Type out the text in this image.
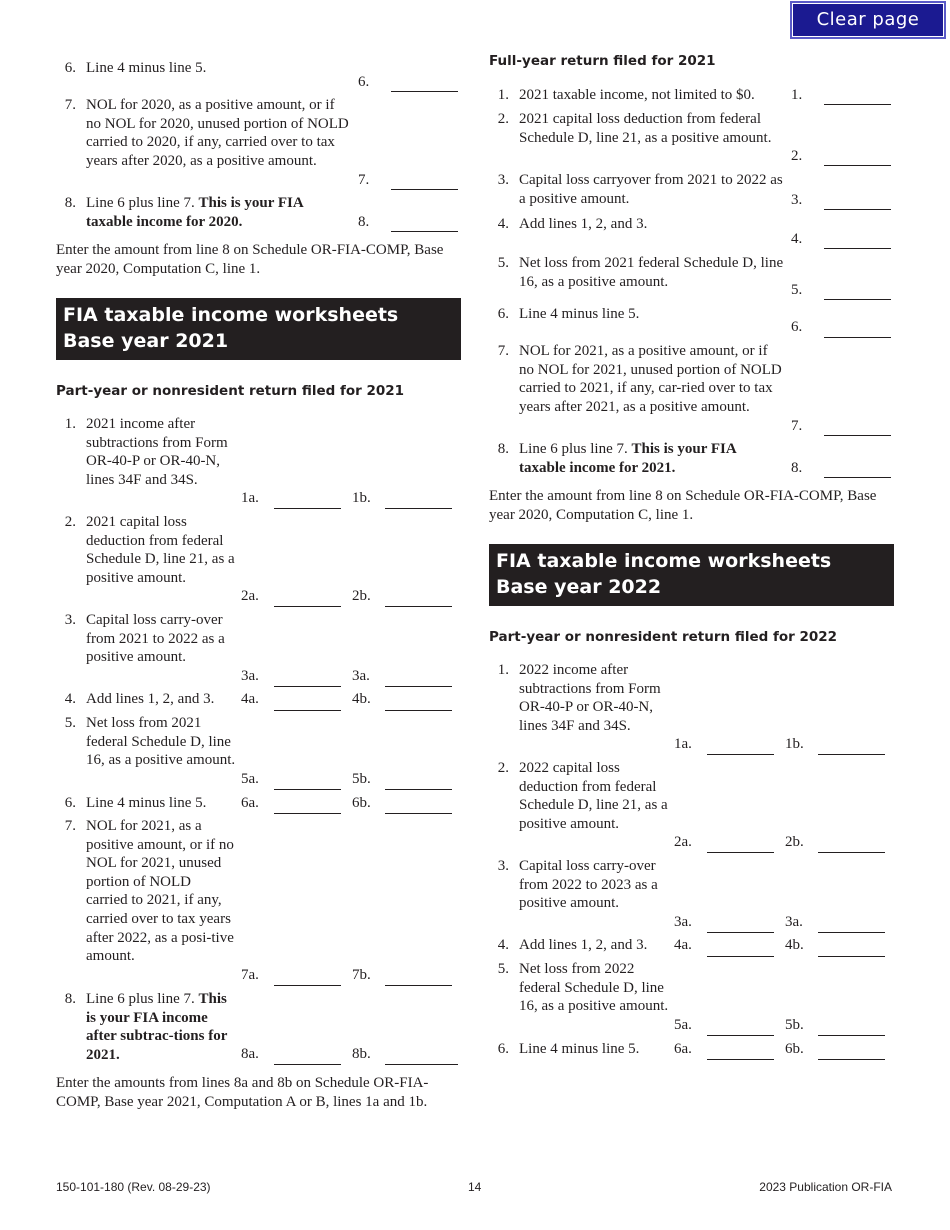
Clear page
6. Line 4 minus line 5.
6.
7. NOL for 2020, as a positive amount, or if no NOL for 2020, unused portion of NOLD carried to 2020, if any, carried over to tax years after 2020, as a positive amount.
7.
8. Line 6 plus line 7. This is your FIA taxable income for 2020.	8.
Enter the amount from line 8 on Schedule OR-FIA-COMP, Base year 2020, Computation C, line 1.
FIA taxable income worksheets
Base year 2021
Part-year or nonresident return filed for 2021
1. 2021 income after subtractions from Form OR-40-P or OR-40-N, lines 34F and 34S.
1a.	1b.
2. 2021 capital loss deduction from federal Schedule D, line 21, as a positive amount.
2a.	2b.
3. Capital loss carry-over from 2021 to 2022 as a positive amount.
3a.	3a.
4. Add lines 1, 2, and 3.	4a.	4b.
5. Net loss from 2021 federal Schedule D, line 16, as a positive amount.
5a.	5b.
6. Line 4 minus line 5.	6a.	6b.
7. NOL for 2021, as a positive amount, or if no NOL for 2021, unused portion of NOLD carried to 2021, if any, carried over to tax years after 2022, as a posi-tive amount.
7a.	7b.
8. Line 6 plus line 7. This is your FIA income after subtrac-tions for 2021.	8a.	8b.
Enter the amounts from lines 8a and 8b on Schedule OR-FIA-COMP, Base year 2021, Computation A or B, lines 1a and 1b.
Full-year return filed for 2021
1. 2021 taxable income, not limited to $0.	1.
2. 2021 capital loss deduction from federal Schedule D, line 21, as a positive amount.
2.
3. Capital loss carryover from 2021 to 2022 as a positive amount.	3.
4. Add lines 1, 2, and 3.
4.
5. Net loss from 2021 federal Schedule D, line 16, as a positive amount.
5.
6. Line 4 minus line 5.
6.
7. NOL for 2021, as a positive amount, or if no NOL for 2021, unused portion of NOLD carried to 2021, if any, car-ried over to tax years after 2021, as a positive amount.
7.
8. Line 6 plus line 7. This is your FIA taxable income for 2021.	8.
Enter the amount from line 8 on Schedule OR-FIA-COMP, Base year 2020, Computation C, line 1.
FIA taxable income worksheets
Base year 2022
Part-year or nonresident return filed for 2022
1. 2022 income after subtractions from Form OR-40-P or OR-40-N, lines 34F and 34S.
1a.	1b.
2. 2022 capital loss deduction from federal Schedule D, line 21, as a positive amount.
2a.	2b.
3. Capital loss carry-over from 2022 to 2023 as a positive amount.
3a.	3a.
4. Add lines 1, 2, and 3.	4a.	4b.
5. Net loss from 2022 federal Schedule D, line 16, as a positive amount.
5a.	5b.
6. Line 4 minus line 5.	6a.	6b.
150-101-180 (Rev. 08-29-23)	14	2023 Publication OR-FIA
